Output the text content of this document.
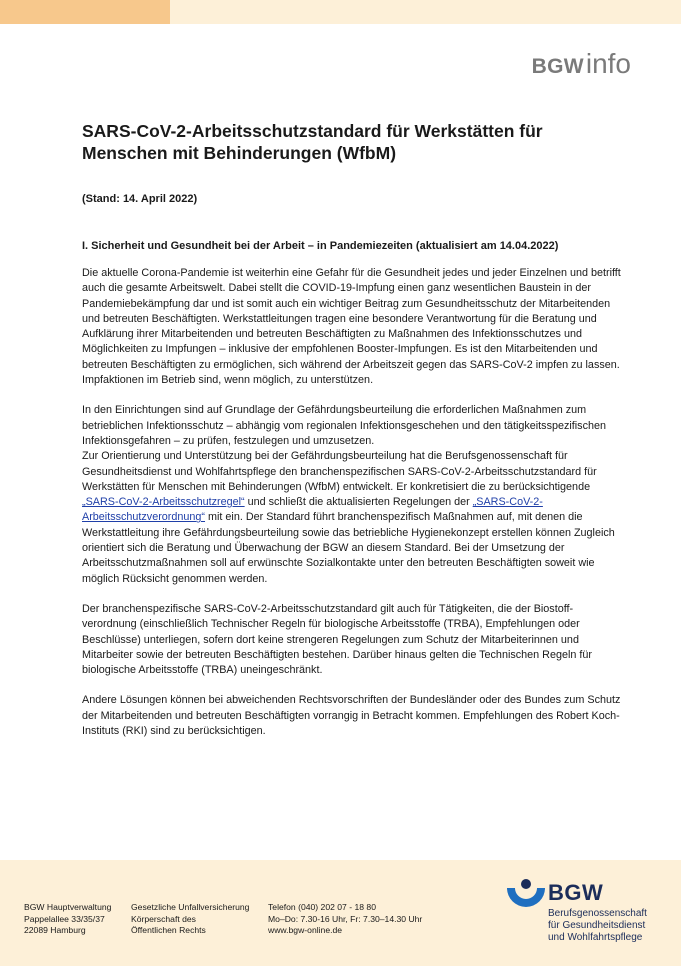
BGWinfo
SARS-CoV-2-Arbeitsschutzstandard für Werkstätten für Menschen mit Behinderungen (WfbM)
(Stand: 14. April 2022)
I. Sicherheit und Gesundheit bei der Arbeit – in Pandemiezeiten (aktualisiert am 14.04.2022)

Die aktuelle Corona-Pandemie ist weiterhin eine Gefahr für die Gesundheit jedes und jeder Einzelnen und betrifft auch die gesamte Arbeitswelt. Dabei stellt die COVID-19-Impfung einen ganz wesentlichen Baustein in der Pandemiebekämpfung dar und ist somit auch ein wichtiger Beitrag zum Gesundheitsschutz der Mitarbeitenden und betreuten Beschäftigten. Werkstattleitungen tragen eine besondere Verantwortung für die Beratung und Aufklärung ihrer Mitarbeitenden und betreuten Beschäftigten zu Maßnahmen des Infektionsschutzes und Möglichkeiten zu Impfungen – inklusive der empfohlenen Booster-Impfungen. Es ist den Mitarbeitenden und betreuten Beschäftigten zu ermöglichen, sich während der Arbeitszeit gegen das SARS-CoV-2 impfen zu lassen. Impfaktionen im Betrieb sind, wenn möglich, zu unterstützen.

In den Einrichtungen sind auf Grundlage der Gefährdungsbeurteilung die erforderlichen Maßnahmen zum betrieblichen Infektionsschutz – abhängig vom regionalen Infektionsgeschehen und den tätigkeitsspezifischen Infektionsgefahren – zu prüfen, festzulegen und umzusetzen.

Zur Orientierung und Unterstützung bei der Gefährdungsbeurteilung hat die Berufsgenossenschaft für Gesundheitsdienst und Wohlfahrtspflege den branchenspezifischen SARS-CoV-2-Arbeitsschutzstandard für Werkstätten für Menschen mit Behinderungen (WfbM) entwickelt. Er konkretisiert die zu berücksichtigende „SARS-CoV-2-Arbeitsschutzregel“ und schließt die aktualisierten Regelungen der „SARS-CoV-2-Arbeitsschutzverordnung“ mit ein. Der Standard führt branchenspezifisch Maßnahmen auf, mit denen die Werkstattleitung ihre Gefährdungsbeurteilung sowie das betriebliche Hygienekonzept erstellen können Zugleich orientiert sich die Beratung und Überwachung der BGW an diesem Standard. Bei der Umsetzung der Arbeitsschutzmaßnahmen soll auf erwünschte Sozialkontakte unter den betreuten Beschäftigten soweit wie möglich Rücksicht genommen werden.

Der branchenspezifische SARS-CoV-2-Arbeitsschutzstandard gilt auch für Tätigkeiten, die der Biostoff-verordnung (einschließlich Technischer Regeln für biologische Arbeitsstoffe (TRBA), Empfehlungen oder Beschlüsse) unterliegen, sofern dort keine strengeren Regelungen zum Schutz der Mitarbeiterinnen und Mitarbeiter sowie der betreuten Beschäftigten bestehen. Darüber hinaus gelten die Technischen Regeln für biologische Arbeitsstoffe (TRBA) uneingeschränkt.

Andere Lösungen können bei abweichenden Rechtsvorschriften der Bundesländer oder des Bundes zum Schutz der Mitarbeitenden und betreuten Beschäftigten vorrangig in Betracht kommen. Empfehlungen des Robert Koch-Instituts (RKI) sind zu berücksichtigen.

BGW Hauptverwaltung
Pappelallee 33/35/37
22089 Hamburg
Gesetzliche Unfallversicherung
Körperschaft des
Öffentlichen Rechts
Telefon (040) 202 07 - 18 80
Mo–Do: 7.30-16 Uhr, Fr: 7.30–14.30 Uhr
www.bgw-online.de
BGW
Berufsgenossenschaft
für Gesundheitsdienst
und Wohlfahrtspflege
